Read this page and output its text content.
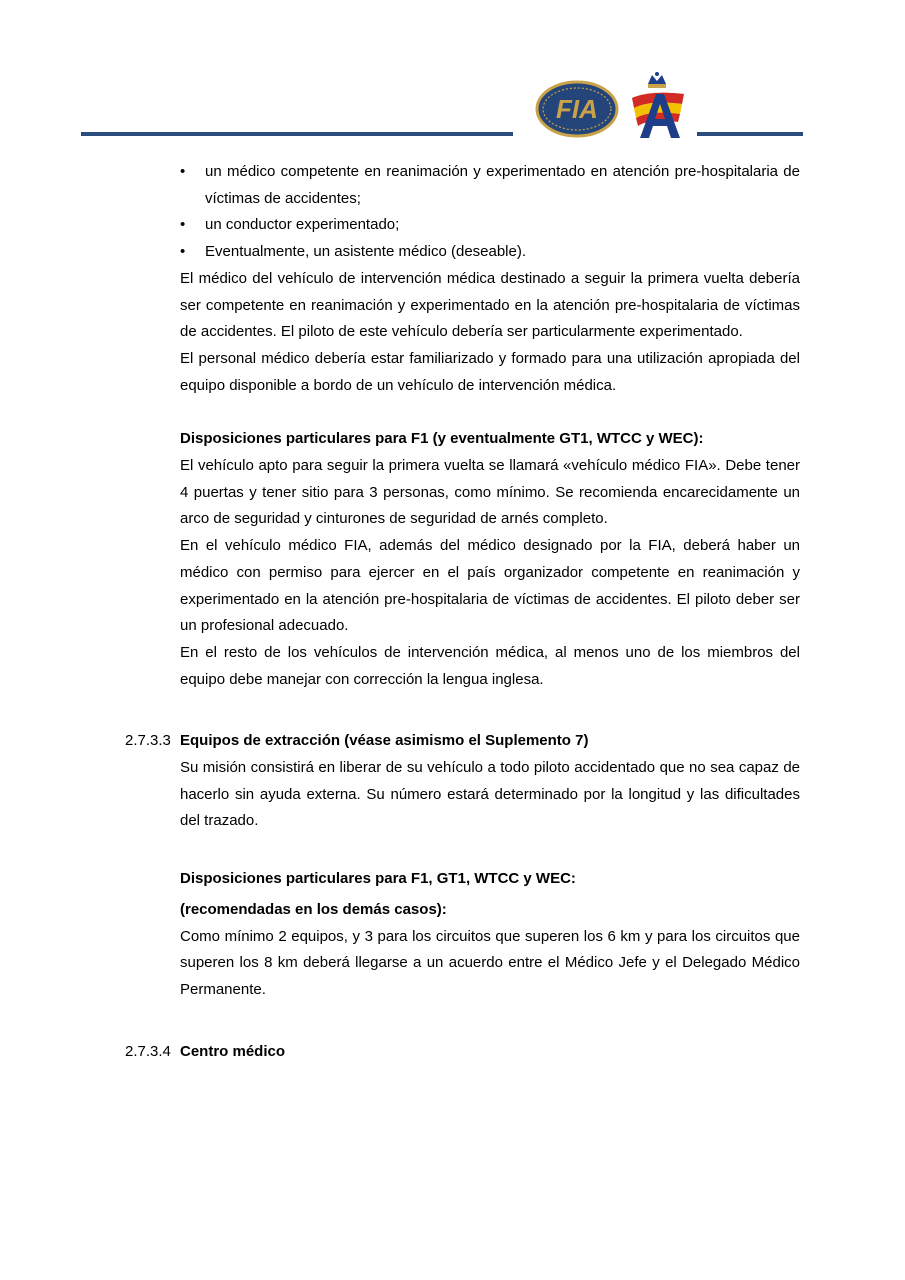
FIA
• un médico competente en reanimación y experimentado en atención pre-hospitalaria de víctimas de accidentes;
• un conductor experimentado;
• Eventualmente, un asistente médico (deseable).

El médico del vehículo de intervención médica destinado a seguir la primera vuelta debería ser competente en reanimación y experimentado en la atención pre-hospitalaria de víctimas de accidentes. El piloto de este vehículo debería ser particularmente experimentado.

El personal médico debería estar familiarizado y formado para una utilización apropiada del equipo disponible a bordo de un vehículo de intervención médica.

Disposiciones particulares para F1 (y eventualmente GT1, WTCC y WEC):

El vehículo apto para seguir la primera vuelta se llamará «vehículo médico FIA». Debe tener 4 puertas y tener sitio para 3 personas, como mínimo. Se recomienda encarecidamente un arco de seguridad y cinturones de seguridad de arnés completo.

En el vehículo médico FIA, además del médico designado por la FIA, deberá haber un médico con permiso para ejercer en el país organizador competente en reanimación y experimentado en la atención pre-hospitalaria de víctimas de accidentes. El piloto deber ser un profesional adecuado.

En el resto de los vehículos de intervención médica, al menos uno de los miembros del equipo debe manejar con corrección la lengua inglesa.

2.7.3.3 Equipos de extracción (véase asimismo el Suplemento 7)

Su misión consistirá en liberar de su vehículo a todo piloto accidentado que no sea capaz de hacerlo sin ayuda externa. Su número estará determinado por la longitud y las dificultades del trazado.

Disposiciones particulares para F1, GT1, WTCC y WEC:

(recomendadas en los demás casos):

Como mínimo 2 equipos, y 3 para los circuitos que superen los 6 km y para los circuitos que superen los 8 km deberá llegarse a un acuerdo entre el Médico Jefe y el Delegado Médico Permanente.

2.7.3.4 Centro médico
